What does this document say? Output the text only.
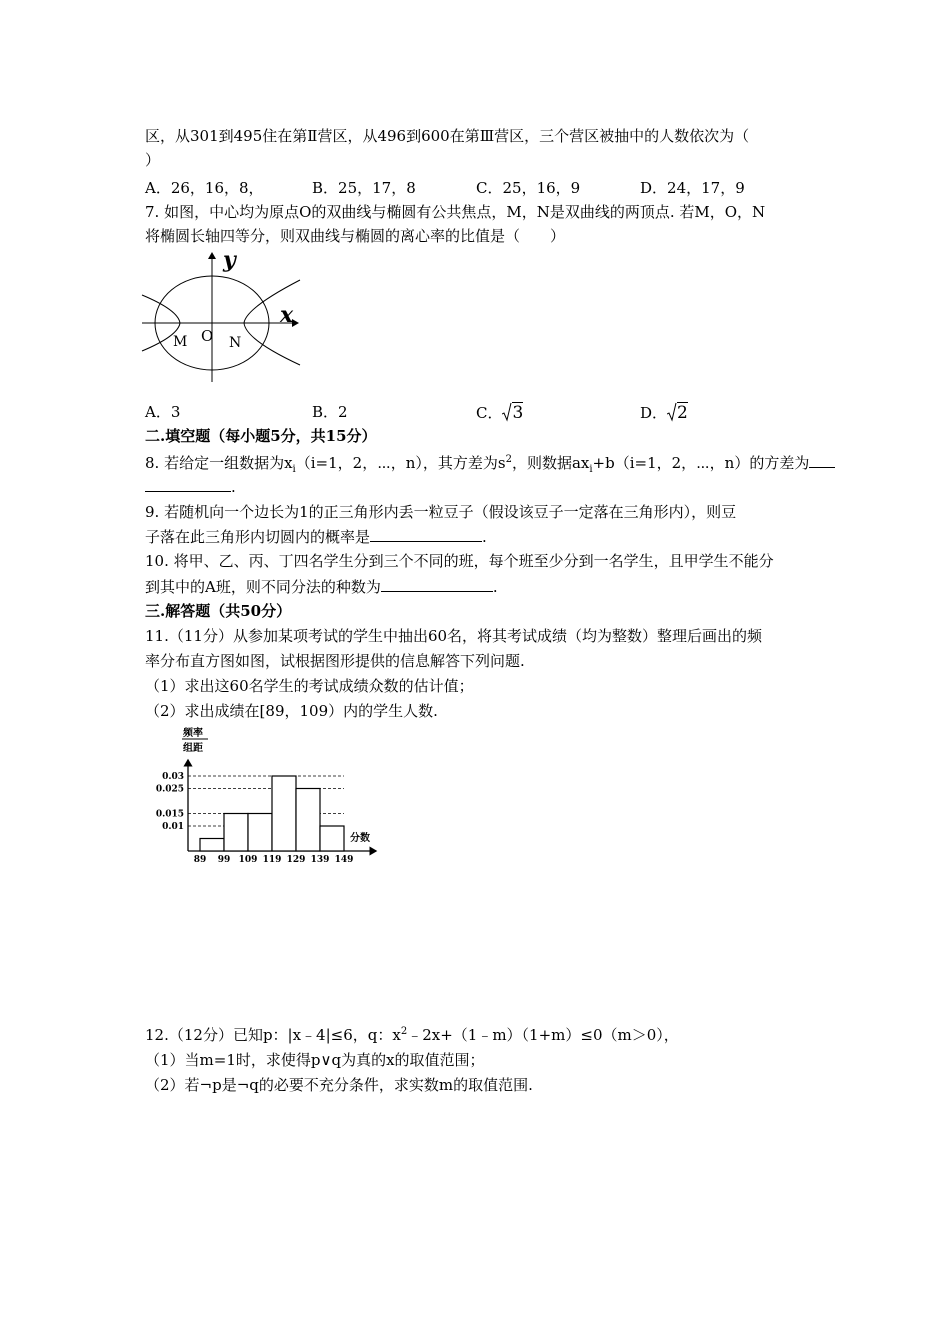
区，从301到495住在第Ⅱ营区，从496到600在第Ⅲ营区，三个营区被抽中的人数依次为（
）
A．26，16，8，	B．25，17，8	C．25，16，9	D．24，17，9
7. 如图，中心均为原点O的双曲线与椭圆有公共焦点，M，N是双曲线的两顶点. 若M，O，N
将椭圆长轴四等分，则双曲线与椭圆的离心率的比值是（　　）
y
x
O
M	N
A．3	B．2	C． 3	D． 2
二.填空题（每小题5分，共15分）
8. 若给定一组数据为$x_i(i=1$，2，⋯，n），其方差为$s^2$，则数据$ax_i+b(i=1$，2，⋯，n）的方差为
.
9. 若随机向一个边长为1的正三角形内丢一粒豆子（假设该豆子一定落在三角形内），则豆
子落在此三角形内切圆内的概率是	.
10. 将甲、乙、丙、丁四名学生分到三个不同的班，每个班至少分到一名学生，且甲学生不能分
到其中的A班，则不同分法的种数为	.
三.解答题（共50分）
11.（11分）从参加某项考试的学生中抽出60名，将其考试成绩（均为整数）整理后画出的频
率分布直方图如图，试根据图形提供的信息解答下列问题.
（1）求出这60名学生的考试成绩众数的估计值；
（2）求出成绩在[89，109）内的学生人数.
频率
组距
分数
89 99 109 119 129 139 149
0.03
0.025
0.015
0.01
12.（12分）已知p：|x﹣4|≤6，q：$x^2﹣2x+(1﹣m)(1+m)\le 0(m>0)$，
（1）当m=1时，求使得p∨q为真的x的取值范围；
（2）若¬p是¬q的必要不充分条件，求实数m的取值范围.
